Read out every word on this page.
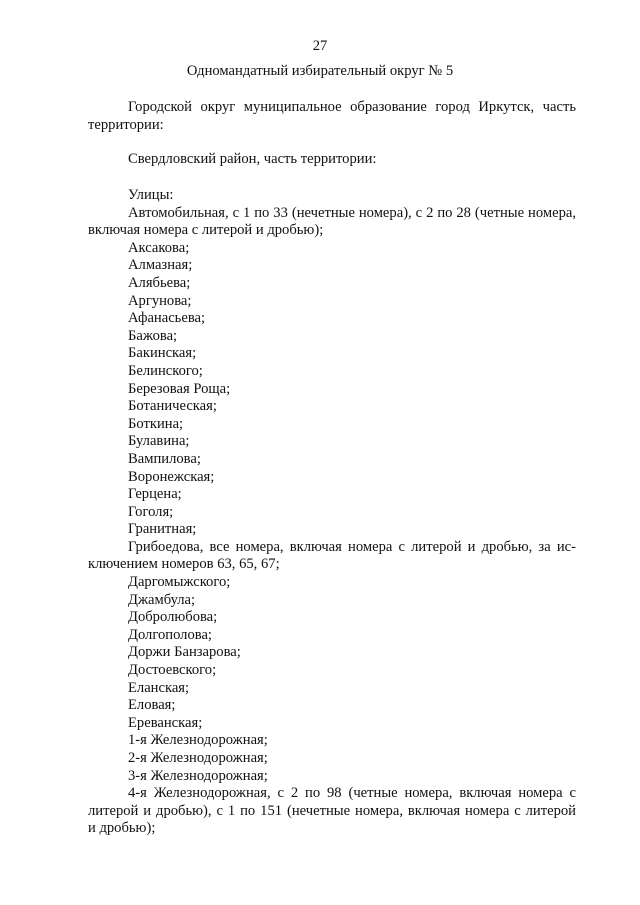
27
Одномандатный избирательный округ № 5

Городской округ муниципальное образование город Иркутск, часть

территории:

Свердловский район, часть территории:

Улицы:

Автомобильная, с 1 по 33 (нечетные номера), с 2 по 28 (четные номера,

включая номера с литерой и дробью);

Аксакова;

Алмазная;

Алябьева;

Аргунова;

Афанасьева;

Бажова;

Бакинская;

Белинского;

Березовая Роща;

Ботаническая;

Боткина;

Булавина;

Вампилова;

Воронежская;

Герцена;

Гоголя;

Гранитная;

Грибоедова, все номера, включая номера с литерой и дробью, за ис-

ключением номеров 63, 65, 67;

Даргомыжского;

Джамбула;

Добролюбова;

Долгополова;

Доржи Банзарова;

Достоевского;

Еланская;

Еловая;

Ереванская;

1-я Железнодорожная;

2-я Железнодорожная;

3-я Железнодорожная;

4-я Железнодорожная, с 2 по 98 (четные номера, включая номера с

литерой и дробью), с 1 по 151 (нечетные номера, включая номера с литерой

и дробью);
